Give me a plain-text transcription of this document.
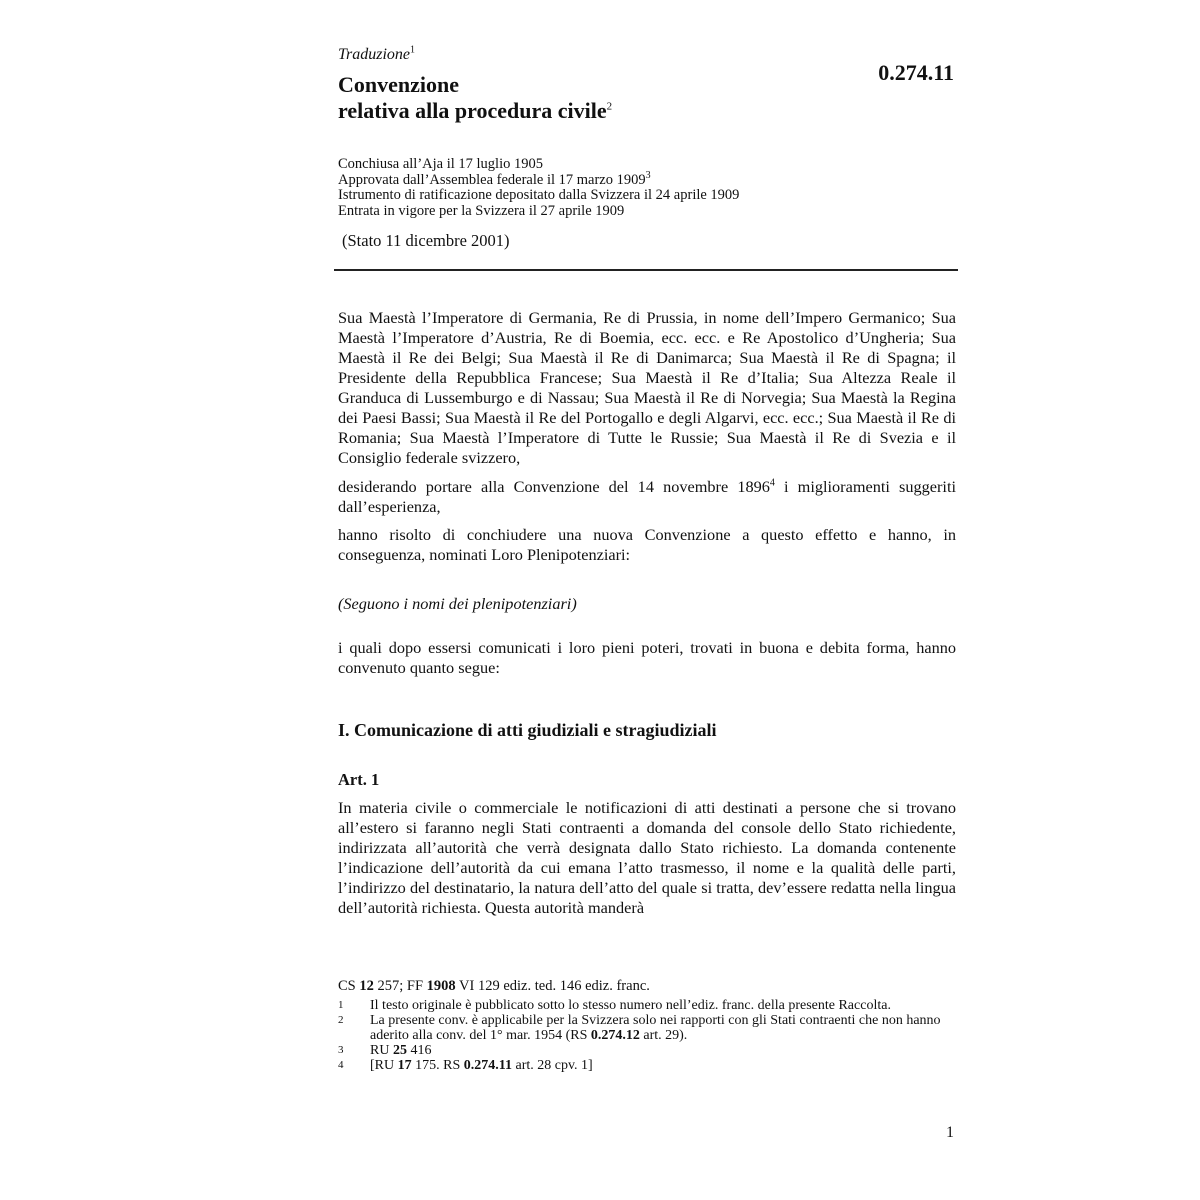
Traduzione$^1$
Convenzione
relativa alla procedura civile$^2$
0.274.11
Conchiusa all’Aja il 17 luglio 1905
Approvata dall’Assemblea federale il 17 marzo 1909$^3$
Istrumento di ratificazione depositato dalla Svizzera il 24 aprile 1909
Entrata in vigore per la Svizzera il 27 aprile 1909
(Stato 11 dicembre 2001)

Sua Maestà l’Imperatore di Germania, Re di Prussia, in nome dell’Impero Germanico; Sua Maestà l’Imperatore d’Austria, Re di Boemia, ecc. ecc. e Re Apostolico d’Ungheria; Sua Maestà il Re dei Belgi; Sua Maestà il Re di Danimarca; Sua Maestà il Re di Spagna; il Presidente della Repubblica Francese; Sua Maestà il Re d’Italia; Sua Altezza Reale il Granduca di Lussemburgo e di Nassau; Sua Maestà il Re di Norvegia; Sua Maestà la Regina dei Paesi Bassi; Sua Maestà il Re del Portogallo e degli Algarvi, ecc. ecc.; Sua Maestà il Re di Romania; Sua Maestà l’Imperatore di Tutte le Russie; Sua Maestà il Re di Svezia e il Consiglio federale svizzero,

desiderando portare alla Convenzione del 14 novembre 1896$^4$ i miglioramenti suggeriti dall’esperienza,

hanno risolto di conchiudere una nuova Convenzione a questo effetto e hanno, in conseguenza, nominati Loro Plenipotenziari:

(Seguono i nomi dei plenipotenziari)

i quali dopo essersi comunicati i loro pieni poteri, trovati in buona e debita forma, hanno convenuto quanto segue:

I. Comunicazione di atti giudiziali e stragiudiziali
Art. 1

In materia civile o commerciale le notificazioni di atti destinati a persone che si trovano all’estero si faranno negli Stati contraenti a domanda del console dello Stato richiedente, indirizzata all’autorità che verrà designata dallo Stato richiesto. La domanda contenente l’indicazione dell’autorità da cui emana l’atto trasmesso, il nome e la qualità delle parti, l’indirizzo del destinatario, la natura dell’atto del quale si tratta, dev’essere redatta nella lingua dell’autorità richiesta. Questa autorità manderà

CS 12 257; FF 1908 VI 129 ediz. ted. 146 ediz. franc.
1	Il testo originale è pubblicato sotto lo stesso numero nell’ediz. franc. della presente Raccolta.
2	La presente conv. è applicabile per la Svizzera solo nei rapporti con gli Stati contraenti che non hanno aderito alla conv. del 1° mar. 1954 (RS 0.274.12 art. 29).
3	RU 25 416
4	[RU 17 175. RS 0.274.11 art. 28 cpv. 1]
1
